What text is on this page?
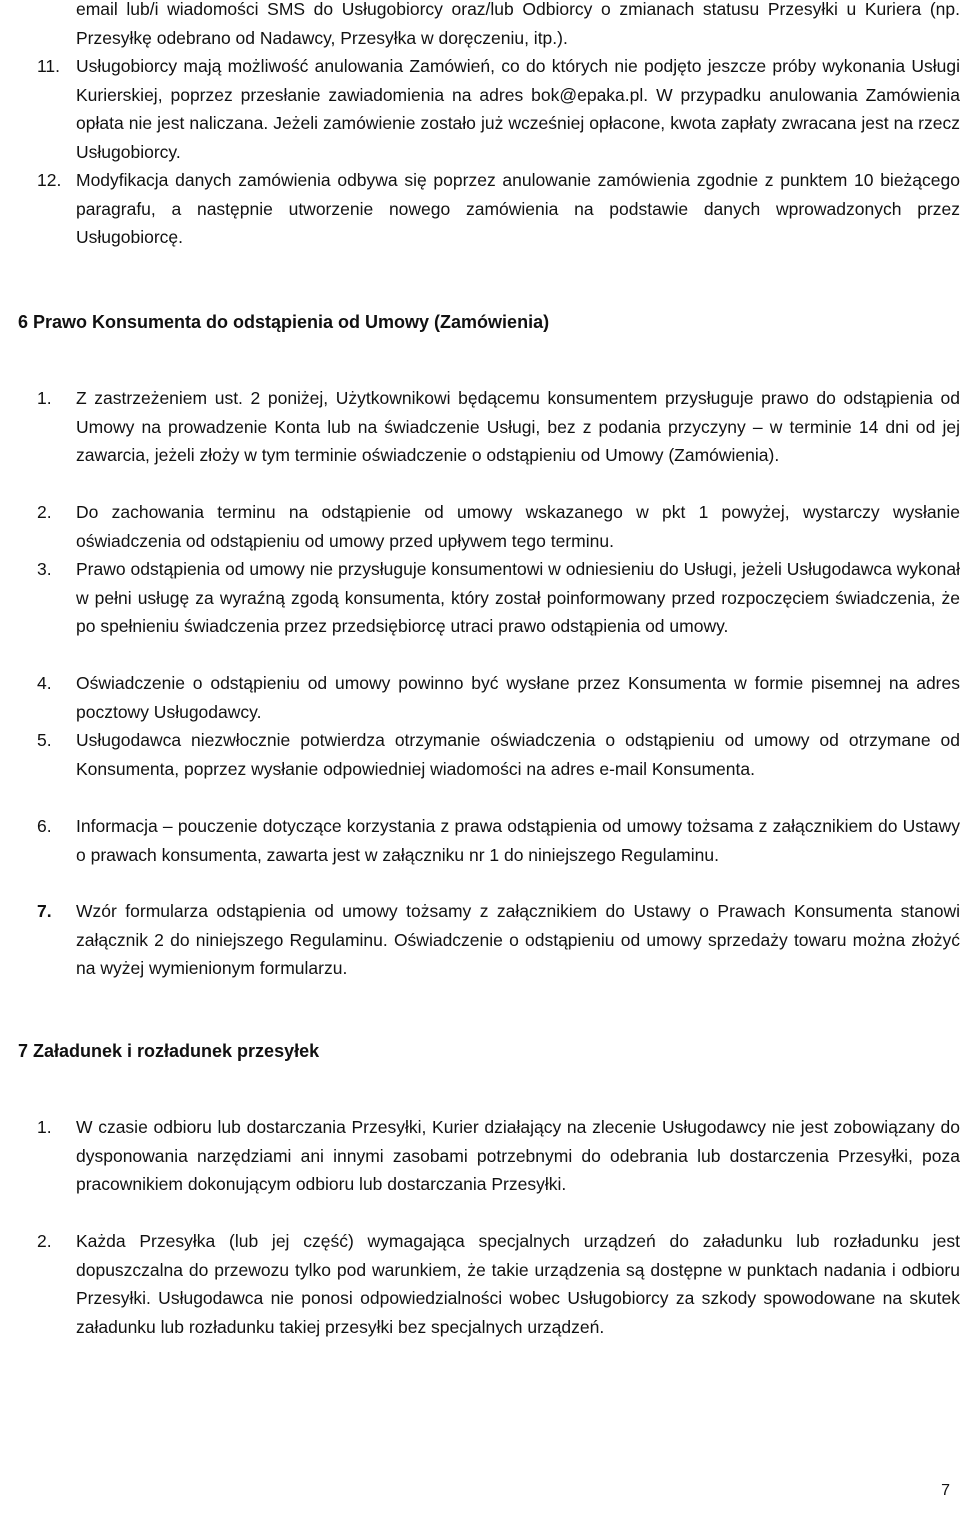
email lub/i wiadomości SMS do Usługobiorcy oraz/lub Odbiorcy o zmianach statusu Przesyłki u Kuriera (np. Przesyłkę odebrano od Nadawcy, Przesyłka w doręczeniu, itp.).

11. Usługobiorcy mają możliwość anulowania Zamówień, co do których nie podjęto jeszcze próby wykonania Usługi Kurierskiej, poprzez przesłanie zawiadomienia na adres bok@epaka.pl. W przypadku anulowania Zamówienia opłata nie jest naliczana. Jeżeli zamówienie zostało już wcześniej opłacone, kwota zapłaty zwracana jest na rzecz Usługobiorcy.

12. Modyfikacja danych zamówienia odbywa się poprzez anulowanie zamówienia zgodnie z punktem 10 bieżącego paragrafu, a następnie utworzenie nowego zamówienia na podstawie danych wprowadzonych przez Usługobiorcę.

6 Prawo Konsumenta do odstąpienia od Umowy (Zamówienia)
1. Z zastrzeżeniem ust. 2 poniżej, Użytkownikowi będącemu konsumentem przysługuje prawo do odstąpienia od Umowy na prowadzenie Konta lub na świadczenie Usługi, bez z podania przyczyny – w terminie 14 dni od jej zawarcia, jeżeli złoży w tym terminie oświadczenie o odstąpieniu od Umowy (Zamówienia).

2. Do zachowania terminu na odstąpienie od umowy wskazanego w pkt 1 powyżej, wystarczy wysłanie oświadczenia od odstąpieniu od umowy przed upływem tego terminu.

3. Prawo odstąpienia od umowy nie przysługuje konsumentowi w odniesieniu do Usługi, jeżeli Usługodawca wykonał w pełni usługę za wyraźną zgodą konsumenta, który został poinformowany przed rozpoczęciem świadczenia, że po spełnieniu świadczenia przez przedsiębiorcę utraci prawo odstąpienia od umowy.

4. Oświadczenie o odstąpieniu od umowy powinno być wysłane przez Konsumenta w formie pisemnej na adres pocztowy Usługodawcy.

5. Usługodawca niezwłocznie potwierdza otrzymanie oświadczenia o odstąpieniu od umowy od otrzymane od Konsumenta, poprzez wysłanie odpowiedniej wiadomości na adres e-mail Konsumenta.

6. Informacja – pouczenie dotyczące korzystania z prawa odstąpienia od umowy tożsama z załącznikiem do Ustawy o prawach konsumenta, zawarta jest w załączniku nr 1 do niniejszego Regulaminu.

7. Wzór formularza odstąpienia od umowy tożsamy z załącznikiem do Ustawy o Prawach Konsumenta stanowi załącznik 2 do niniejszego Regulaminu. Oświadczenie o odstąpieniu od umowy sprzedaży towaru można złożyć na wyżej wymienionym formularzu.

7 Załadunek i rozładunek przesyłek
1. W czasie odbioru lub dostarczania Przesyłki, Kurier działający na zlecenie Usługodawcy nie jest zobowiązany do dysponowania narzędziami ani innymi zasobami potrzebnymi do odebrania lub dostarczenia Przesyłki, poza pracownikiem dokonującym odbioru lub dostarczania Przesyłki.

2. Każda Przesyłka (lub jej część) wymagająca specjalnych urządzeń do załadunku lub rozładunku jest dopuszczalna do przewozu tylko pod warunkiem, że takie urządzenia są dostępne w punktach nadania i odbioru Przesyłki. Usługodawca nie ponosi odpowiedzialności wobec Usługobiorcy za szkody spowodowane na skutek załadunku lub rozładunku takiej przesyłki bez specjalnych urządzeń.

7
